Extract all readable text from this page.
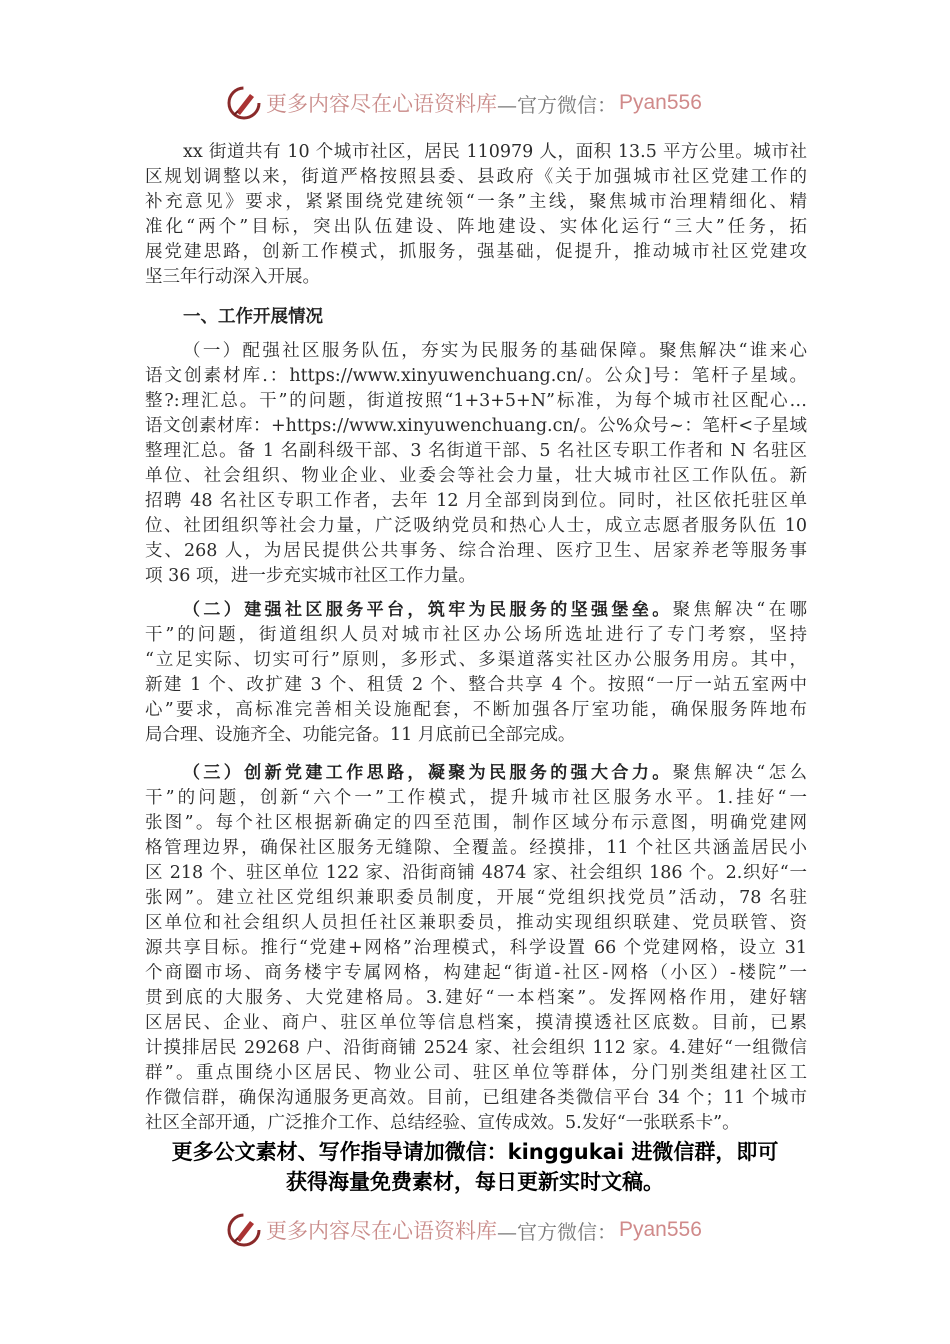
更多内容尽在心语资料库 —官方微信： Pyan556
xx 街道共有 10 个城市社区，居民 110979 人，面积 13.5 平方公里。城市社
区规划调整以来，街道严格按照县委、县政府《关于加强城市社区党建工作的
补充意见》要求，紧紧围绕党建统领“一条”主线，聚焦城市治理精细化、精
准化“两个”目标，突出队伍建设、阵地建设、实体化运行“三大”任务，拓
展党建思路，创新工作模式，抓服务，强基础，促提升，推动城市社区党建攻
坚三年行动深入开展。
一、工作开展情况
（一）配强社区服务队伍，夯实为民服务的基础保障。聚焦解决“谁来心
语文创素材库.：https://www.xinyuwenchuang.cn/。公众]号：笔杆子星域。
整?:理汇总。干”的问题，街道按照“1+3+5+N”标准，为每个城市社区配心…
语文创素材库：+https://www.xinyuwenchuang.cn/。公%众号~：笔杆<子星域
整理汇总。备 1 名副科级干部、3 名街道干部、5 名社区专职工作者和 N 名驻区
单位、社会组织、物业企业、业委会等社会力量，壮大城市社区工作队伍。新
招聘 48 名社区专职工作者，去年 12 月全部到岗到位。同时，社区依托驻区单
位、社团组织等社会力量，广泛吸纳党员和热心人士，成立志愿者服务队伍 10
支、268 人，为居民提供公共事务、综合治理、医疗卫生、居家养老等服务事
项 36 项，进一步充实城市社区工作力量。
（二）建强社区服务平台，筑牢为民服务的坚强堡垒。聚焦解决“在哪
干”的问题，街道组织人员对城市社区办公场所选址进行了专门考察，坚持
“立足实际、切实可行”原则，多形式、多渠道落实社区办公服务用房。其中，
新建 1 个、改扩建 3 个、租赁 2 个、整合共享 4 个。按照“一厅一站五室两中
心”要求，高标准完善相关设施配套，不断加强各厅室功能，确保服务阵地布
局合理、设施齐全、功能完备。11 月底前已全部完成。
（三）创新党建工作思路，凝聚为民服务的强大合力。聚焦解决“怎么
干”的问题，创新“六个一”工作模式，提升城市社区服务水平。1.挂好“一
张图”。每个社区根据新确定的四至范围，制作区域分布示意图，明确党建网
格管理边界，确保社区服务无缝隙、全覆盖。经摸排，11 个社区共涵盖居民小
区 218 个、驻区单位 122 家、沿街商铺 4874 家、社会组织 186 个。2.织好“一
张网”。建立社区党组织兼职委员制度，开展“党组织找党员”活动，78 名驻
区单位和社会组织人员担任社区兼职委员，推动实现组织联建、党员联管、资
源共享目标。推行“党建+网格”治理模式，科学设置 66 个党建网格，设立 31
个商圈市场、商务楼宇专属网格，构建起“街道-社区-网格（小区）-楼院”一
贯到底的大服务、大党建格局。3.建好“一本档案”。发挥网格作用，建好辖
区居民、企业、商户、驻区单位等信息档案，摸清摸透社区底数。目前，已累
计摸排居民 29268 户、沿街商铺 2524 家、社会组织 112 家。4.建好“一组微信
群”。重点围绕小区居民、物业公司、驻区单位等群体，分门别类组建社区工
作微信群，确保沟通服务更高效。目前，已组建各类微信平台 34 个；11 个城市
社区全部开通，广泛推介工作、总结经验、宣传成效。5.发好“一张联系卡”。
更多公文素材、写作指导请加微信：kinggukai 进微信群，即可
获得海量免费素材，每日更新实时文稿。
更多内容尽在心语资料库 —官方微信： Pyan556
